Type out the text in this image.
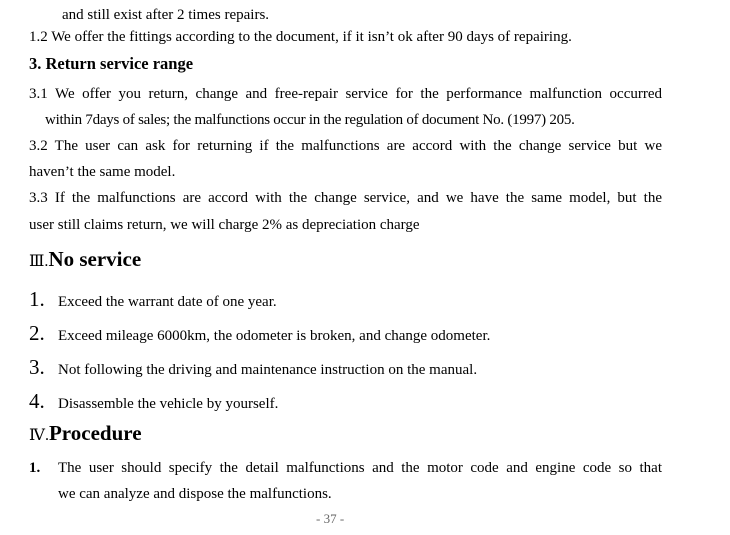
and still exist after 2 times repairs.
1.2 We offer the fittings according to the document, if it isn’t ok after 90 days of repairing.
3. Return service range
3.1 We offer you return, change and free-repair service for the performance malfunction occurred
within 7days of sales; the malfunctions occur in the regulation of document No. (1997) 205.
3.2 The user can ask for returning if the malfunctions are accord with the change service but we
haven’t the same model.
3.3 If the malfunctions are accord with the change service, and we have the same model, but the
user still claims return, we will charge 2% as depreciation charge
Ⅲ.No service
1. Exceed the warrant date of one year.
2. Exceed mileage 6000km, the odometer is broken, and change odometer.
3. Not following the driving and maintenance instruction on the manual.
4. Disassemble the vehicle by yourself.
Ⅳ.Procedure
1. The user should specify the detail malfunctions and the motor code and engine code so that
we can analyze and dispose the malfunctions.
- 37 -
